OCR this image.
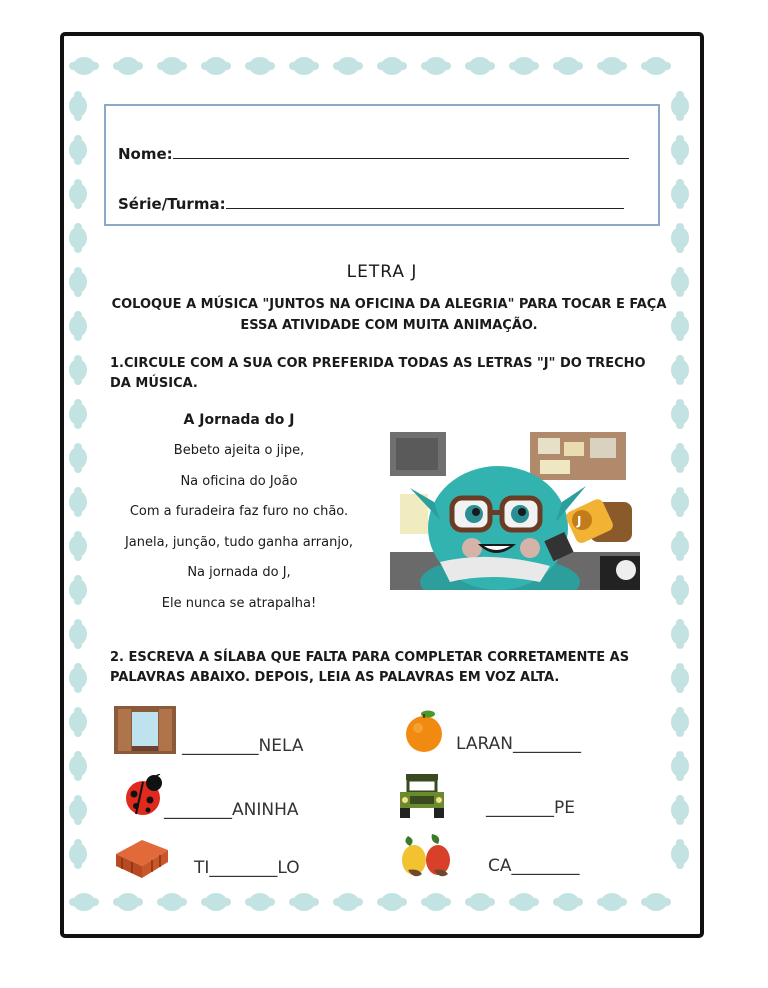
Nome:
Série/Turma:
LETRA J
COLOQUE A MÚSICA "JUNTOS NA OFICINA DA ALEGRIA" PARA TOCAR E FAÇA ESSA ATIVIDADE COM MUITA ANIMAÇÃO.
1.CIRCULE COM A SUA COR PREFERIDA TODAS AS LETRAS "J" DO TRECHO DA MÚSICA.
A Jornada do J
Bebeto ajeita o jipe,
Na oficina do João
Com a furadeira faz furo no chão.
Janela, junção, tudo ganha arranjo,
Na jornada do J,
Ele nunca se atrapalha!
J
2. ESCREVA A SÍLABA QUE FALTA PARA COMPLETAR CORRETAMENTE AS PALAVRAS ABAIXO. DEPOIS, LEIA AS PALAVRAS EM VOZ ALTA.
_________NELA	LARAN________
________ANINHA	________PE
TI________LO	CA________
